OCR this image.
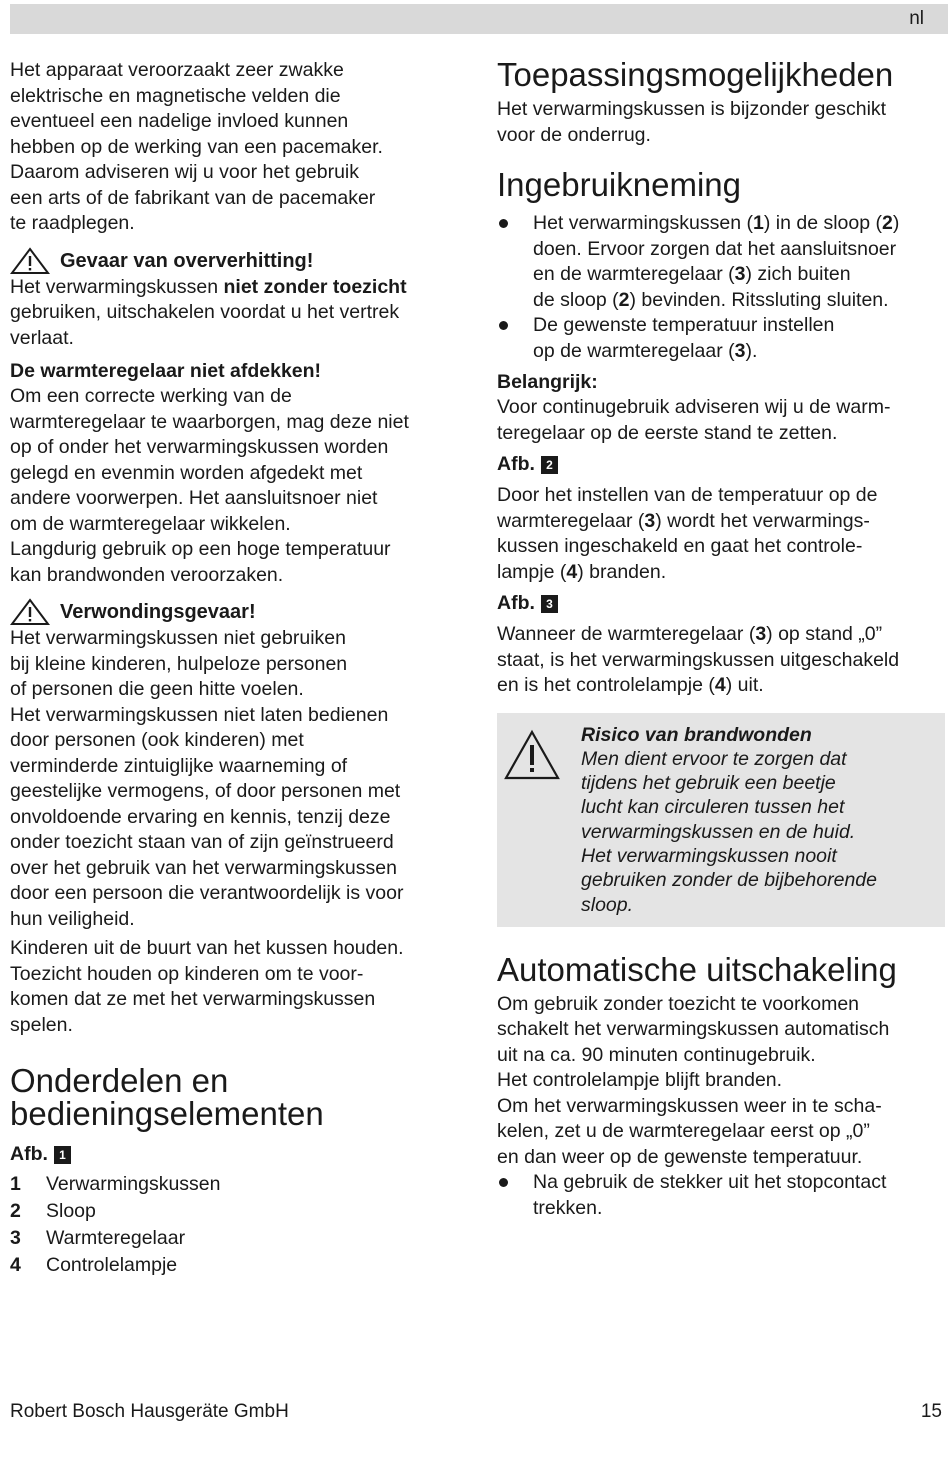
nl

Het apparaat veroorzaakt zeer zwakke
elektrische en magnetische velden die
eventueel een nadelige invloed kunnen
hebben op de werking van een pacemaker.
Daarom adviseren wij u voor het gebruik
een arts of de fabrikant van de pacemaker
te raadplegen.

Gevaar van oververhitting!

Het verwarmingskussen niet zonder toezicht
gebruiken, uitschakelen voordat u het vertrek
verlaat.

De warmteregelaar niet afdekken!

Om een correcte werking van de
warmteregelaar te waarborgen, mag deze niet
op of onder het verwarmingskussen worden
gelegd en evenmin worden afgedekt met
andere voorwerpen. Het aansluitsnoer niet
om de warmteregelaar wikkelen.
Langdurig gebruik op een hoge temperatuur
kan brandwonden veroorzaken.

Verwondingsgevaar!

Het verwarmingskussen niet gebruiken
bij kleine kinderen, hulpeloze personen
of personen die geen hitte voelen.
Het verwarmingskussen niet laten bedienen
door personen (ook kinderen) met
verminderde zintuiglijke waarneming of
geestelijke vermogens, of door personen met
onvoldoende ervaring en kennis, tenzij deze
onder toezicht staan van of zijn geïnstrueerd
over het gebruik van het verwarmingskussen
door een persoon die verantwoordelijk is voor
hun veiligheid.

Kinderen uit de buurt van het kussen houden.
Toezicht houden op kinderen om te voor-
komen dat ze met het verwarmingskussen
spelen.

Onderdelen en
bedieningselementen
Afb. 1
1	Verwarmingskussen
2	Sloop
3	Warmteregelaar
4	Controlelampje
Toepassingsmogelijkheden

Het verwarmingskussen is bijzonder geschikt
voor de onderrug.

Ingebruikneming
Het verwarmingskussen (1) in de sloop (2)
doen. Ervoor zorgen dat het aansluitsnoer
en de warmteregelaar (3) zich buiten
de sloop (2) bevinden. Ritssluting sluiten.
De gewenste temperatuur instellen
op de warmteregelaar (3).
Belangrijk:

Voor continugebruik adviseren wij u de warm-
teregelaar op de eerste stand te zetten.

Afb. 2

Door het instellen van de temperatuur op de
warmteregelaar (3) wordt het verwarmings-
kussen ingeschakeld en gaat het controle-
lampje (4) branden.

Afb. 3

Wanneer de warmteregelaar (3) op stand „0”
staat, is het verwarmingskussen uitgeschakeld
en is het controlelampje (4) uit.

Risico van brandwonden
Men dient ervoor te zorgen dat
tijdens het gebruik een beetje
lucht kan circuleren tussen het
verwarmingskussen en de huid.
Het verwarmingskussen nooit
gebruiken zonder de bijbehorende
sloop.
Automatische uitschakeling

Om gebruik zonder toezicht te voorkomen
schakelt het verwarmingskussen automatisch
uit na ca. 90 minuten continugebruik.
Het controlelampje blijft branden.
Om het verwarmingskussen weer in te scha-
kelen, zet u de warmteregelaar eerst op „0”
en dan weer op de gewenste temperatuur.

Na gebruik de stekker uit het stopcontact
trekken.
Robert Bosch Hausgeräte GmbH	15
